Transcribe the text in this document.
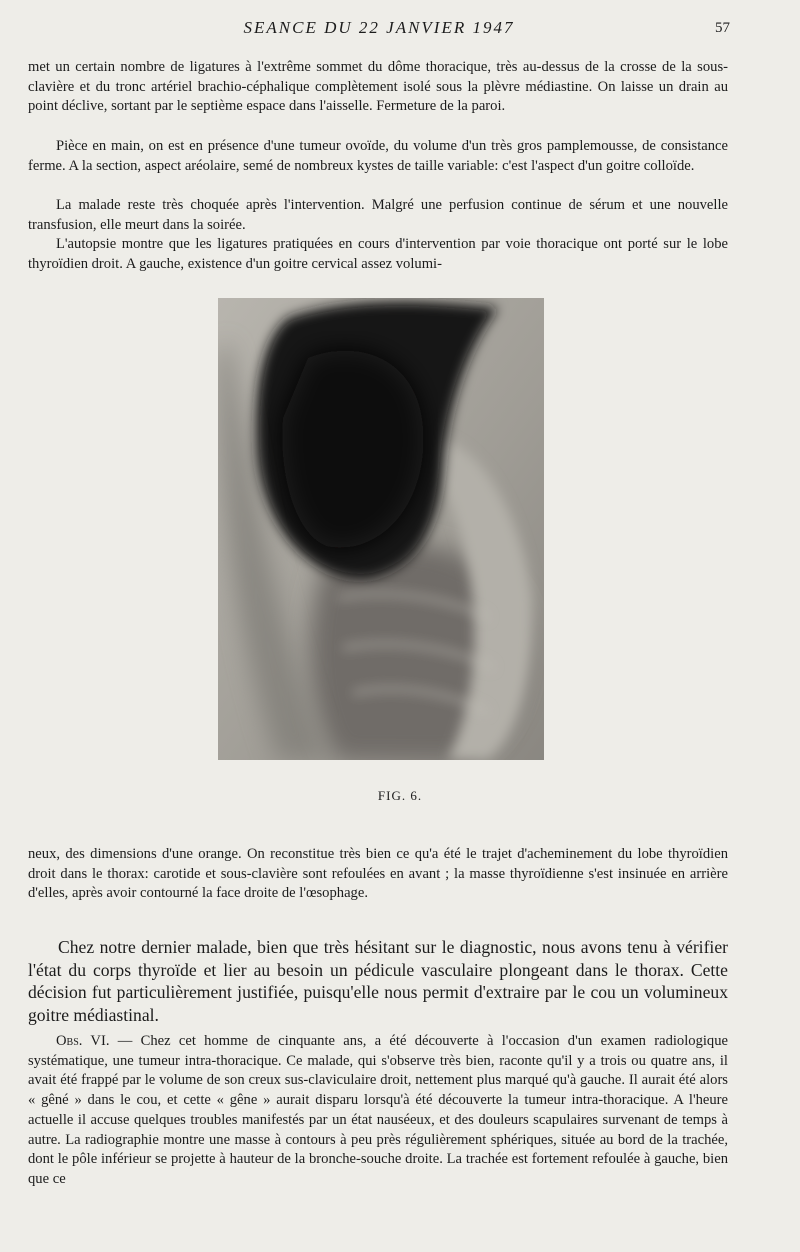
SEANCE DU 22 JANVIER 1947	57

met un certain nombre de ligatures à l'extrême sommet du dôme thoracique, très au-dessus de la crosse de la sous-clavière et du tronc artériel brachio-céphalique complètement isolé sous la plèvre médiastine. On laisse un drain au point déclive, sortant par le septième espace dans l'aisselle. Fermeture de la paroi.

Pièce en main, on est en présence d'une tumeur ovoïde, du volume d'un très gros pamplemousse, de consistance ferme. A la section, aspect aréolaire, semé de nombreux kystes de taille variable: c'est l'aspect d'un goitre colloïde.

La malade reste très choquée après l'intervention. Malgré une perfusion continue de sérum et une nouvelle transfusion, elle meurt dans la soirée.

L'autopsie montre que les ligatures pratiquées en cours d'intervention par voie thoracique ont porté sur le lobe thyroïdien droit. A gauche, existence d'un goitre cervical assez volumi-

FIG. 6.

neux, des dimensions d'une orange. On reconstitue très bien ce qu'a été le trajet d'acheminement du lobe thyroïdien droit dans le thorax: carotide et sous-clavière sont refoulées en avant ; la masse thyroïdienne s'est insinuée en arrière d'elles, après avoir contourné la face droite de l'œsophage.

Chez notre dernier malade, bien que très hésitant sur le diagnostic, nous avons tenu à vérifier l'état du corps thyroïde et lier au besoin un pédicule vasculaire plongeant dans le thorax. Cette décision fut particulièrement justifiée, puisqu'elle nous permit d'extraire par le cou un volumineux goitre médiastinal.

Obs. VI. — Chez cet homme de cinquante ans, a été découverte à l'occasion d'un examen radiologique systématique, une tumeur intra-thoracique. Ce malade, qui s'observe très bien, raconte qu'il y a trois ou quatre ans, il avait été frappé par le volume de son creux sus-claviculaire droit, nettement plus marqué qu'à gauche. Il aurait été alors « gêné » dans le cou, et cette « gêne » aurait disparu lorsqu'à été découverte la tumeur intra-thoracique. A l'heure actuelle il accuse quelques troubles manifestés par un état nauséeux, et des douleurs scapulaires survenant de temps à autre. La radiographie montre une masse à contours à peu près régulièrement sphériques, située au bord de la trachée, dont le pôle inférieur se projette à hauteur de la bronche-souche droite. La trachée est fortement refoulée à gauche, bien que ce
